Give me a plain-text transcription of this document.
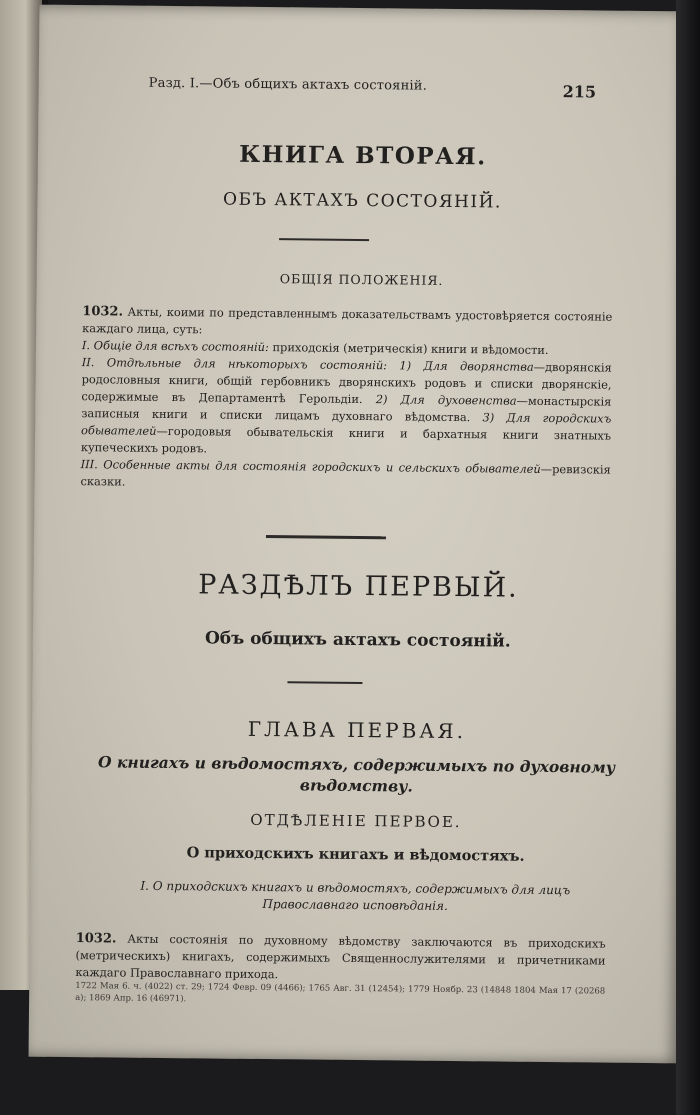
Разд. I.—Объ общихъ актахъ состояній.	215
КНИГА ВТОРАЯ.
ОБЪ АКТАХЪ СОСТОЯНІЙ.
ОБЩІЯ ПОЛОЖЕНІЯ.

1032. Акты, коими по представленнымъ доказательствамъ удостовѣряется состояніе каждаго лица, суть:
I. Общіе для всѣхъ состояній: приходскія (метрическія) книги и вѣдомости.
II. Отдѣльные для нѣкоторыхъ состояній: 1) Для дворянства—дворянскія родословныя книги, общій гербовникъ дворянскихъ родовъ и списки дворянскіе, содержимые въ Департаментѣ Герольдіи. 2) Для духовенства—монастырскія записныя книги и списки лицамъ духовнаго вѣдомства. 3) Для городскихъ обывателей—городовыя обывательскія книги и бархатныя книги знатныхъ купеческихъ родовъ.
III. Особенные акты для состоянія городскихъ и сельскихъ обывателей—ревизскія сказки.

РАЗДѢЛЪ ПЕРВЫЙ.
Объ общихъ актахъ состояній.
ГЛАВА ПЕРВАЯ.
О книгахъ и вѣдомостяхъ, содержимыхъ по духовному вѣдомству.
ОТДѢЛЕНІЕ ПЕРВОЕ.
О приходскихъ книгахъ и вѣдомостяхъ.
I. О приходскихъ книгахъ и вѣдомостяхъ, содержимыхъ для лицъ Православнаго исповѣданія.

1032. Акты состоянія по духовному вѣдомству заключаются въ приходскихъ (метрическихъ) книгахъ, содержимыхъ Священнослужителями и причетниками каждаго Православнаго прихода.

1722 Мая 6. ч. (4022) ст. 29; 1724 Февр. 09 (4466); 1765 Авг. 31 (12454); 1779 Ноябр. 23 (14848 1804 Мая 17 (20268 а); 1869 Апр. 16 (46971).
